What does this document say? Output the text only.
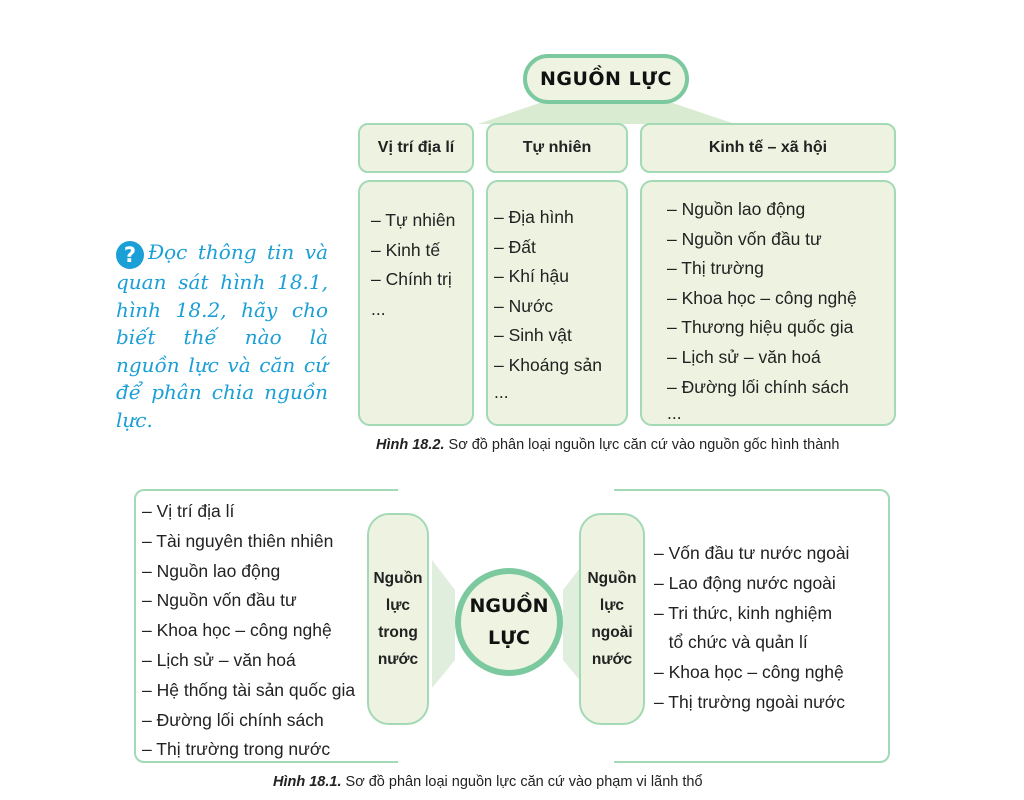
NGUỒN LỰC
Vị trí địa lí	Tự nhiên	Kinh tế – xã hội
– Tự nhiên
– Kinh tế
– Chính trị
...
– Địa hình
– Đất
– Khí hậu
– Nước
– Sinh vật
– Khoáng sản
...
– Nguồn lao động
– Nguồn vốn đầu tư
– Thị trường
– Khoa học – công nghệ
– Thương hiệu quốc gia
– Lịch sử – văn hoá
– Đường lối chính sách
...
Hình 18.2. Sơ đồ phân loại nguồn lực căn cứ vào nguồn gốc hình thành
? Đọc thông tin và quan sát hình 18.1, hình 18.2, hãy cho biết thế nào là nguồn lực và căn cứ để phân chia nguồn lực.
– Vị trí địa lí
– Tài nguyên thiên nhiên
– Nguồn lao động
– Nguồn vốn đầu tư
– Khoa học – công nghệ
– Lịch sử – văn hoá
– Hệ thống tài sản quốc gia
– Đường lối chính sách
– Thị trường trong nước
– Vốn đầu tư nước ngoài
– Lao động nước ngoài
– Tri thức, kinh nghiệm
tổ chức và quản lí
– Khoa học – công nghệ
– Thị trường ngoài nước
Nguồn
lực
trong
nước
Nguồn
lực
ngoài
nước
NGUỒN
LỰC
Hình 18.1. Sơ đồ phân loại nguồn lực căn cứ vào phạm vi lãnh thổ
